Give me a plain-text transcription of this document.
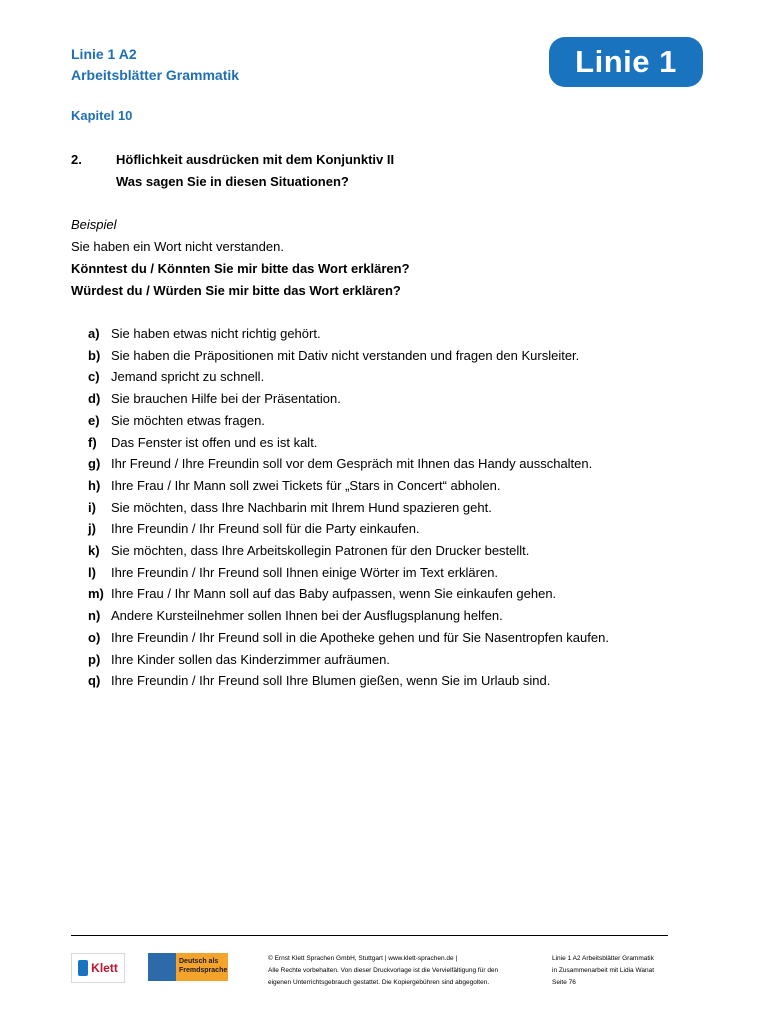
Linie 1 A2
Arbeitsblätter Grammatik	Linie 1
Kapitel 10
2.	Höflichkeit ausdrücken mit dem Konjunktiv II
Was sagen Sie in diesen Situationen?
Beispiel
Sie haben ein Wort nicht verstanden.
Könntest du / Könnten Sie mir bitte das Wort erklären?
Würdest du / Würden Sie mir bitte das Wort erklären?
a) Sie haben etwas nicht richtig gehört.
b) Sie haben die Präpositionen mit Dativ nicht verstanden und fragen den Kursleiter.
c) Jemand spricht zu schnell.
d) Sie brauchen Hilfe bei der Präsentation.
e) Sie möchten etwas fragen.
f) Das Fenster ist offen und es ist kalt.
g) Ihr Freund / Ihre Freundin soll vor dem Gespräch mit Ihnen das Handy ausschalten.
h) Ihre Frau / Ihr Mann soll zwei Tickets für „Stars in Concert“ abholen.
i) Sie möchten, dass Ihre Nachbarin mit Ihrem Hund spazieren geht.
j) Ihre Freundin / Ihr Freund soll für die Party einkaufen.
k) Sie möchten, dass Ihre Arbeitskollegin Patronen für den Drucker bestellt.
l) Ihre Freundin / Ihr Freund soll Ihnen einige Wörter im Text erklären.
m) Ihre Frau / Ihr Mann soll auf das Baby aufpassen, wenn Sie einkaufen gehen.
n) Andere Kursteilnehmer sollen Ihnen bei der Ausflugsplanung helfen.
o) Ihre Freundin / Ihr Freund soll in die Apotheke gehen und für Sie Nasentropfen kaufen.
p) Ihre Kinder sollen das Kinderzimmer aufräumen.
q) Ihre Freundin / Ihr Freund soll Ihre Blumen gießen, wenn Sie im Urlaub sind.
Klett	Deutsch als Fremdsprache
© Ernst Klett Sprachen GmbH, Stuttgart | www.klett-sprachen.de |
Alle Rechte vorbehalten. Von dieser Druckvorlage ist die Vervielfältigung für den
eigenen Unterrichtsgebrauch gestattet. Die Kopiergebühren sind abgegolten.
Linie 1 A2 Arbeitsblätter Grammatik
in Zusammenarbeit mit Lidia Wanat
Seite 76
